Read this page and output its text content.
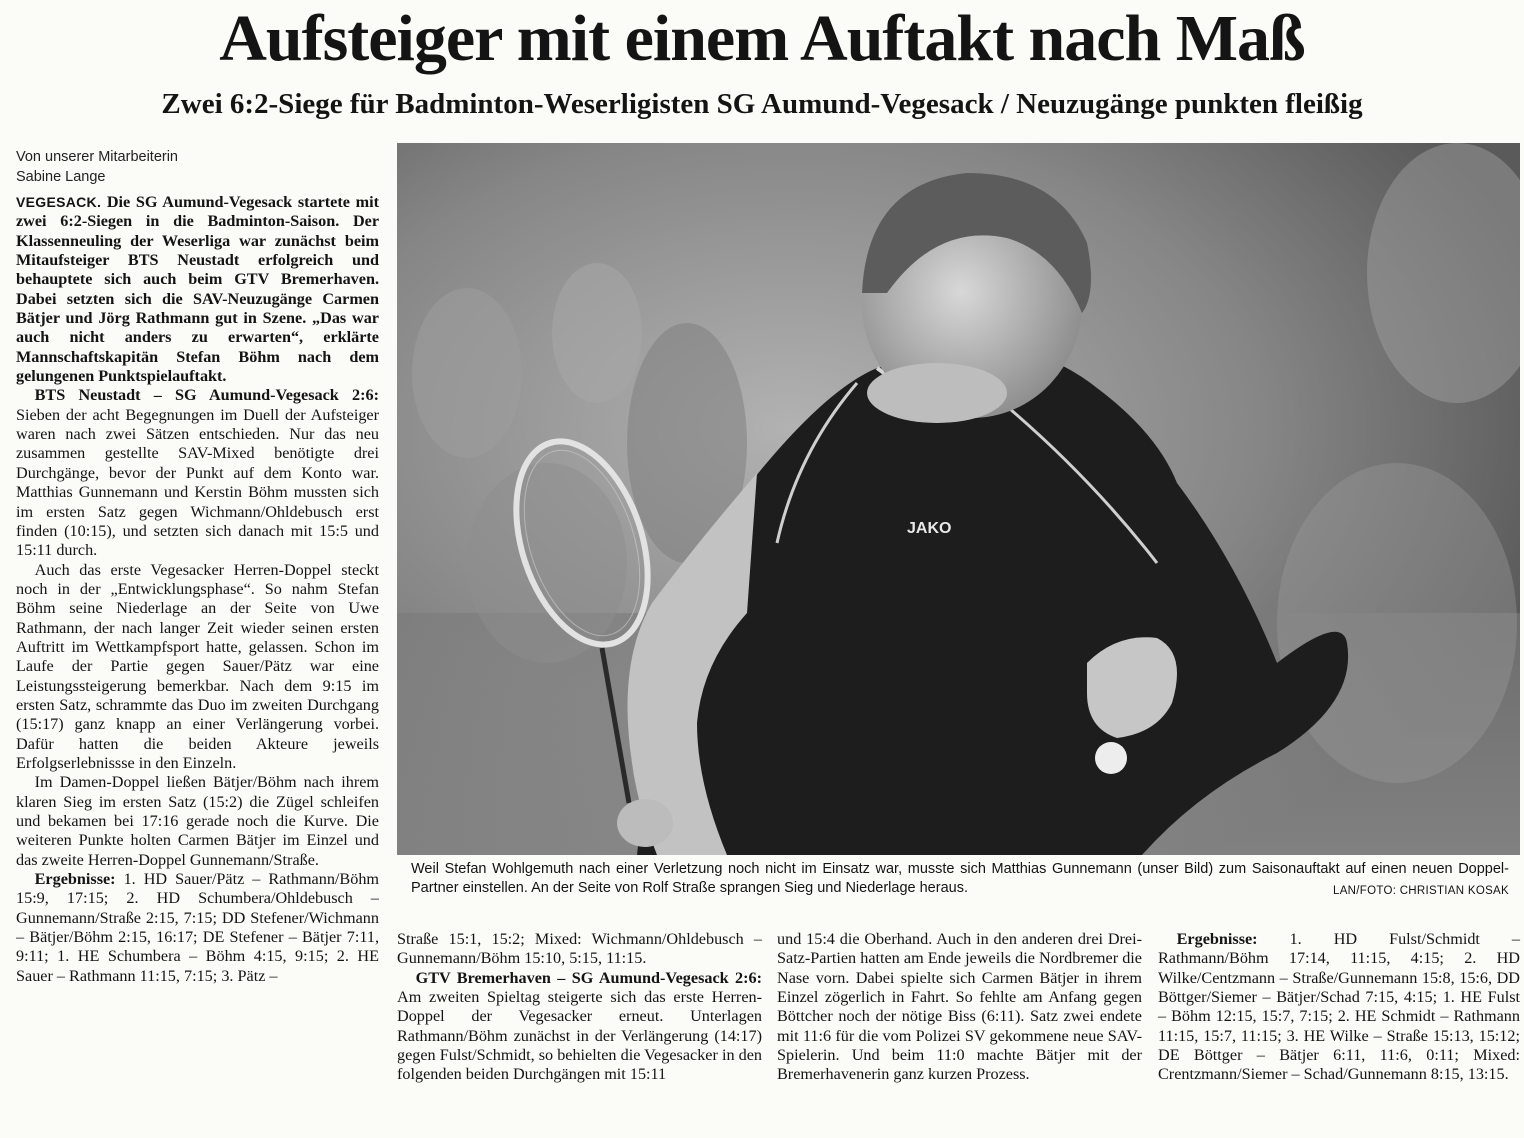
Aufsteiger mit einem Auftakt nach Maß
Zwei 6:2-Siege für Badminton-Weserligisten SG Aumund-Vegesack / Neuzugänge punkten fleißig
Von unserer Mitarbeiterin
Sabine Lange

VEGESACK. Die SG Aumund-Vegesack startete mit zwei 6:2-Siegen in die Badminton-Saison. Der Klassenneuling der Weserliga war zunächst beim Mitaufsteiger BTS Neustadt erfolgreich und behauptete sich auch beim GTV Bremerhaven. Dabei setzten sich die SAV-Neuzugänge Carmen Bätjer und Jörg Rathmann gut in Szene. „Das war auch nicht anders zu erwarten“, erklärte Mannschaftskapitän Stefan Böhm nach dem gelungenen Punktspielauftakt.

BTS Neustadt – SG Aumund-Vegesack 2:6: Sieben der acht Begegnungen im Duell der Aufsteiger waren nach zwei Sätzen entschieden. Nur das neu zusammen gestellte SAV-Mixed benötigte drei Durchgänge, bevor der Punkt auf dem Konto war. Matthias Gunnemann und Kerstin Böhm mussten sich im ersten Satz gegen Wichmann/Ohldebusch erst finden (10:15), und setzten sich danach mit 15:5 und 15:11 durch.

Auch das erste Vegesacker Herren-Doppel steckt noch in der „Entwicklungsphase“. So nahm Stefan Böhm seine Niederlage an der Seite von Uwe Rathmann, der nach langer Zeit wieder seinen ersten Auftritt im Wettkampfsport hatte, gelassen. Schon im Laufe der Partie gegen Sauer/Pätz war eine Leistungssteigerung bemerkbar. Nach dem 9:15 im ersten Satz, schrammte das Duo im zweiten Durchgang (15:17) ganz knapp an einer Verlängerung vorbei. Dafür hatten die beiden Akteure jeweils Erfolgserlebnissse in den Einzeln.

Im Damen-Doppel ließen Bätjer/Böhm nach ihrem klaren Sieg im ersten Satz (15:2) die Zügel schleifen und bekamen bei 17:16 gerade noch die Kurve. Die weiteren Punkte holten Carmen Bätjer im Einzel und das zweite Herren-Doppel Gunnemann/Straße.

Ergebnisse: 1. HD Sauer/Pätz – Rathmann/Böhm 15:9, 17:15; 2. HD Schumbera/Ohldebusch – Gunnemann/Straße 2:15, 7:15; DD Stefener/Wichmann – Bätjer/Böhm 2:15, 16:17; DE Stefener – Bätjer 7:11, 9:11; 1. HE Schumbera – Böhm 4:15, 9:15; 2. HE Sauer – Rathmann 11:15, 7:15; 3. Pätz –

JAKO
Weil Stefan Wohlgemuth nach einer Verletzung noch nicht im Einsatz war, musste sich Matthias Gunnemann (unser Bild) zum Saisonauftakt auf einen neuen Doppel-Partner einstellen. An der Seite von Rolf Straße sprangen Sieg und Niederlage heraus.	LAN/FOTO: CHRISTIAN KOSAK

Straße 15:1, 15:2; Mixed: Wichmann/Ohldebusch – Gunnemann/Böhm 15:10, 5:15, 11:15.

GTV Bremerhaven – SG Aumund-Vegesack 2:6: Am zweiten Spieltag steigerte sich das erste Herren-Doppel der Vegesacker erneut. Unterlagen Rathmann/Böhm zunächst in der Verlängerung (14:17) gegen Fulst/Schmidt, so behielten die Vegesacker in den folgenden beiden Durchgängen mit 15:11

und 15:4 die Oberhand. Auch in den anderen drei Drei-Satz-Partien hatten am Ende jeweils die Nordbremer die Nase vorn. Dabei spielte sich Carmen Bätjer in ihrem Einzel zögerlich in Fahrt. So fehlte am Anfang gegen Böttcher noch der nötige Biss (6:11). Satz zwei endete mit 11:6 für die vom Polizei SV gekommene neue SAV-Spielerin. Und beim 11:0 machte Bätjer mit der Bremerhavenerin ganz kurzen Prozess.

Ergebnisse: 1. HD Fulst/Schmidt – Rathmann/Böhm 17:14, 11:15, 4:15; 2. HD Wilke/Centzmann – Straße/Gunnemann 15:8, 15:6, DD Böttger/Siemer – Bätjer/Schad 7:15, 4:15; 1. HE Fulst – Böhm 12:15, 15:7, 7:15; 2. HE Schmidt – Rathmann 11:15, 15:7, 11:15; 3. HE Wilke – Straße 15:13, 15:12; DE Böttger – Bätjer 6:11, 11:6, 0:11; Mixed: Crentzmann/Siemer – Schad/Gunnemann 8:15, 13:15.
